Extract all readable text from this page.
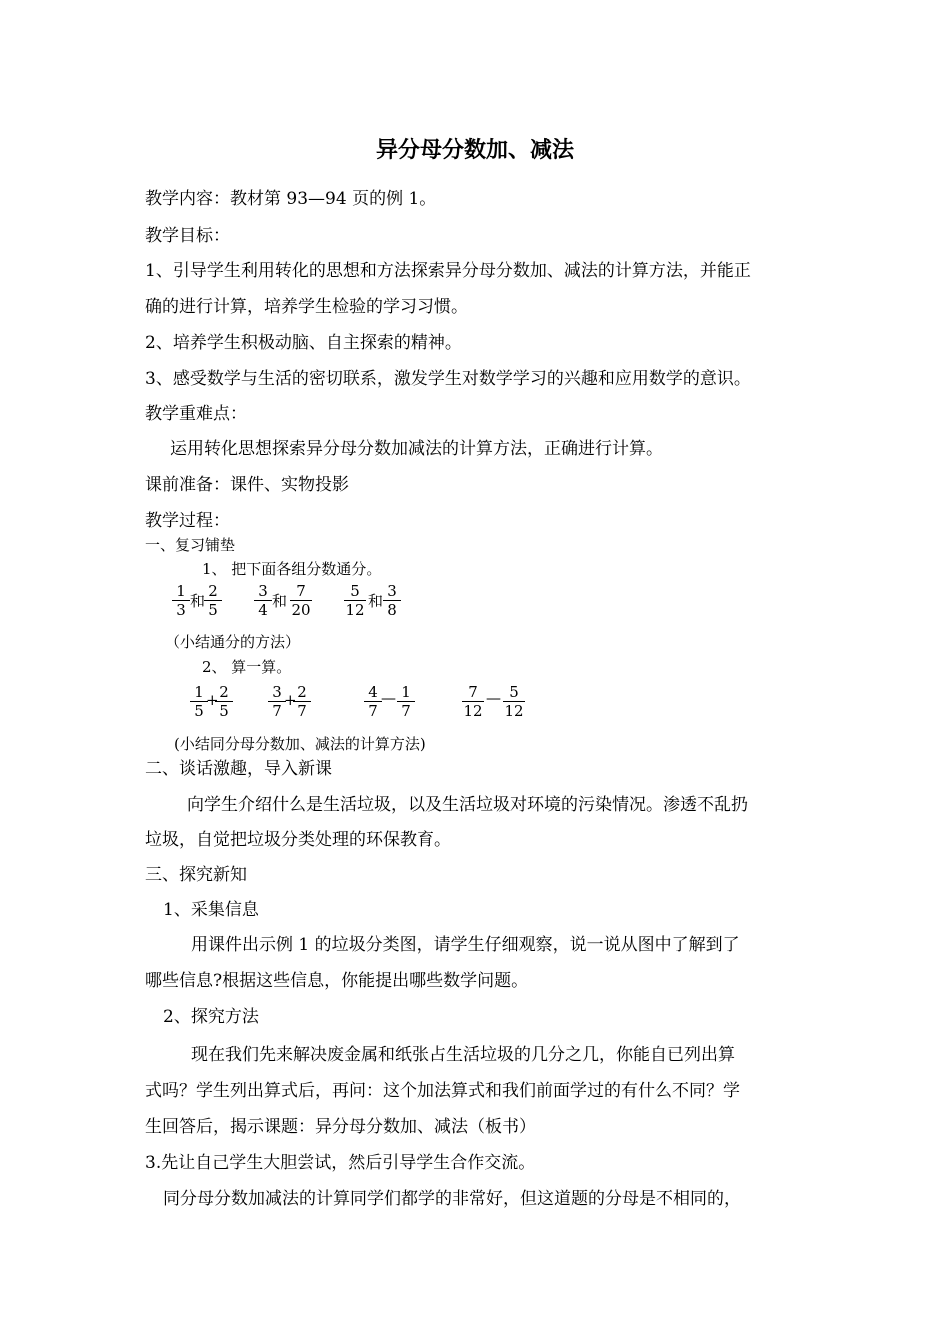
异分母分数加、减法
教学内容：教材第 93—94 页的例 1。
教学目标：
1、引导学生利用转化的思想和方法探索异分母分数加、减法的计算方法，并能正
确的进行计算，培养学生检验的学习习惯。
2、培养学生积极动脑、自主探索的精神。
3、感受数学与生活的密切联系，激发学生对数学学习的兴趣和应用数学的意识。
教学重难点：
运用转化思想探索异分母分数加减法的计算方法，正确进行计算。
课前准备：课件、实物投影
教学过程：
一、复习铺垫
1、 把下面各组分数通分。
1
3 和
2
5
3
4 和
7
20
5
12 和
3
8
（小结通分的方法）
2、 算一算。
1
5
+ 2
5
3
7
+ 2
7
4
7
— 1
7
7
12
— 5
12
(小结同分母分数加、减法的计算方法)
二、谈话激趣，导入新课
向学生介绍什么是生活垃圾，以及生活垃圾对环境的污染情况。渗透不乱扔
垃圾，自觉把垃圾分类处理的环保教育。
三、探究新知
1、采集信息
用课件出示例 1 的垃圾分类图，请学生仔细观察，说一说从图中了解到了
哪些信息?根据这些信息，你能提出哪些数学问题。
2、探究方法
现在我们先来解决废金属和纸张占生活垃圾的几分之几，你能自已列出算
式吗？学生列出算式后，再问：这个加法算式和我们前面学过的有什么不同？学
生回答后，揭示课题：异分母分数加、减法（板书）
3.先让自己学生大胆尝试，然后引导学生合作交流。
同分母分数加减法的计算同学们都学的非常好，但这道题的分母是不相同的，
